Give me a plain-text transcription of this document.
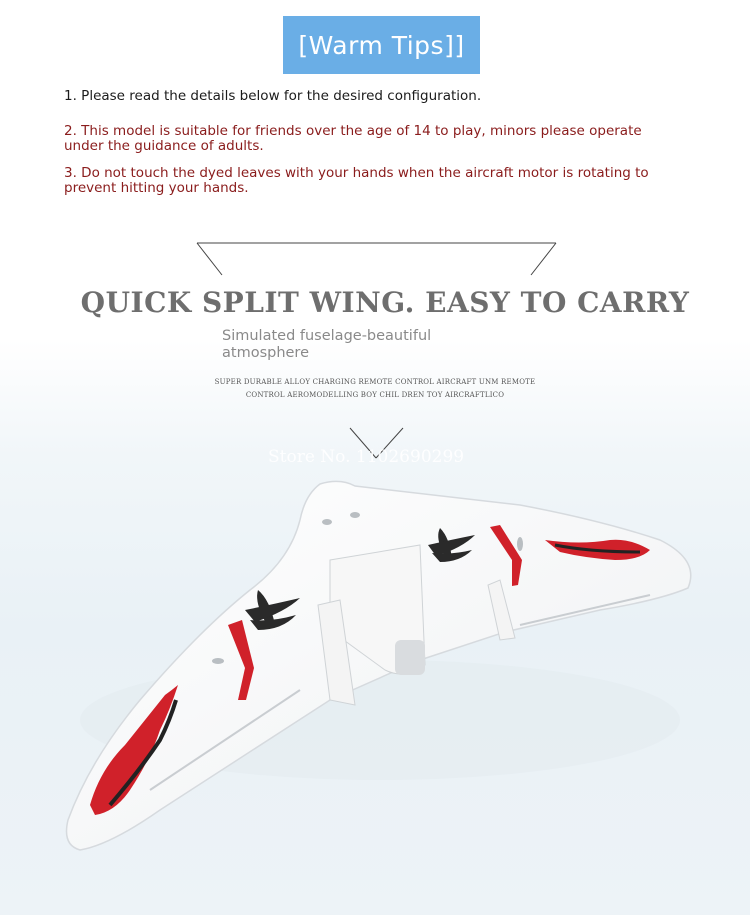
[Warm Tips]]
1. Please read the details below for the desired configuration.
2. This model is suitable for friends over the age of 14 to play, minors please operate under the guidance of adults.
3. Do not touch the dyed leaves with your hands when the aircraft motor is rotating to prevent hitting your hands.
QUICK SPLIT WING. EASY TO CARRY
Simulated fuselage-beautiful atmosphere
SUPER DURABLE ALLOY CHARGING REMOTE CONTROL AIRCRAFT UNM REMOTE CONTROL AEROMODELLING BOY CHIL DREN TOY AIRCRAFTLICO
Store No. 1102690299
